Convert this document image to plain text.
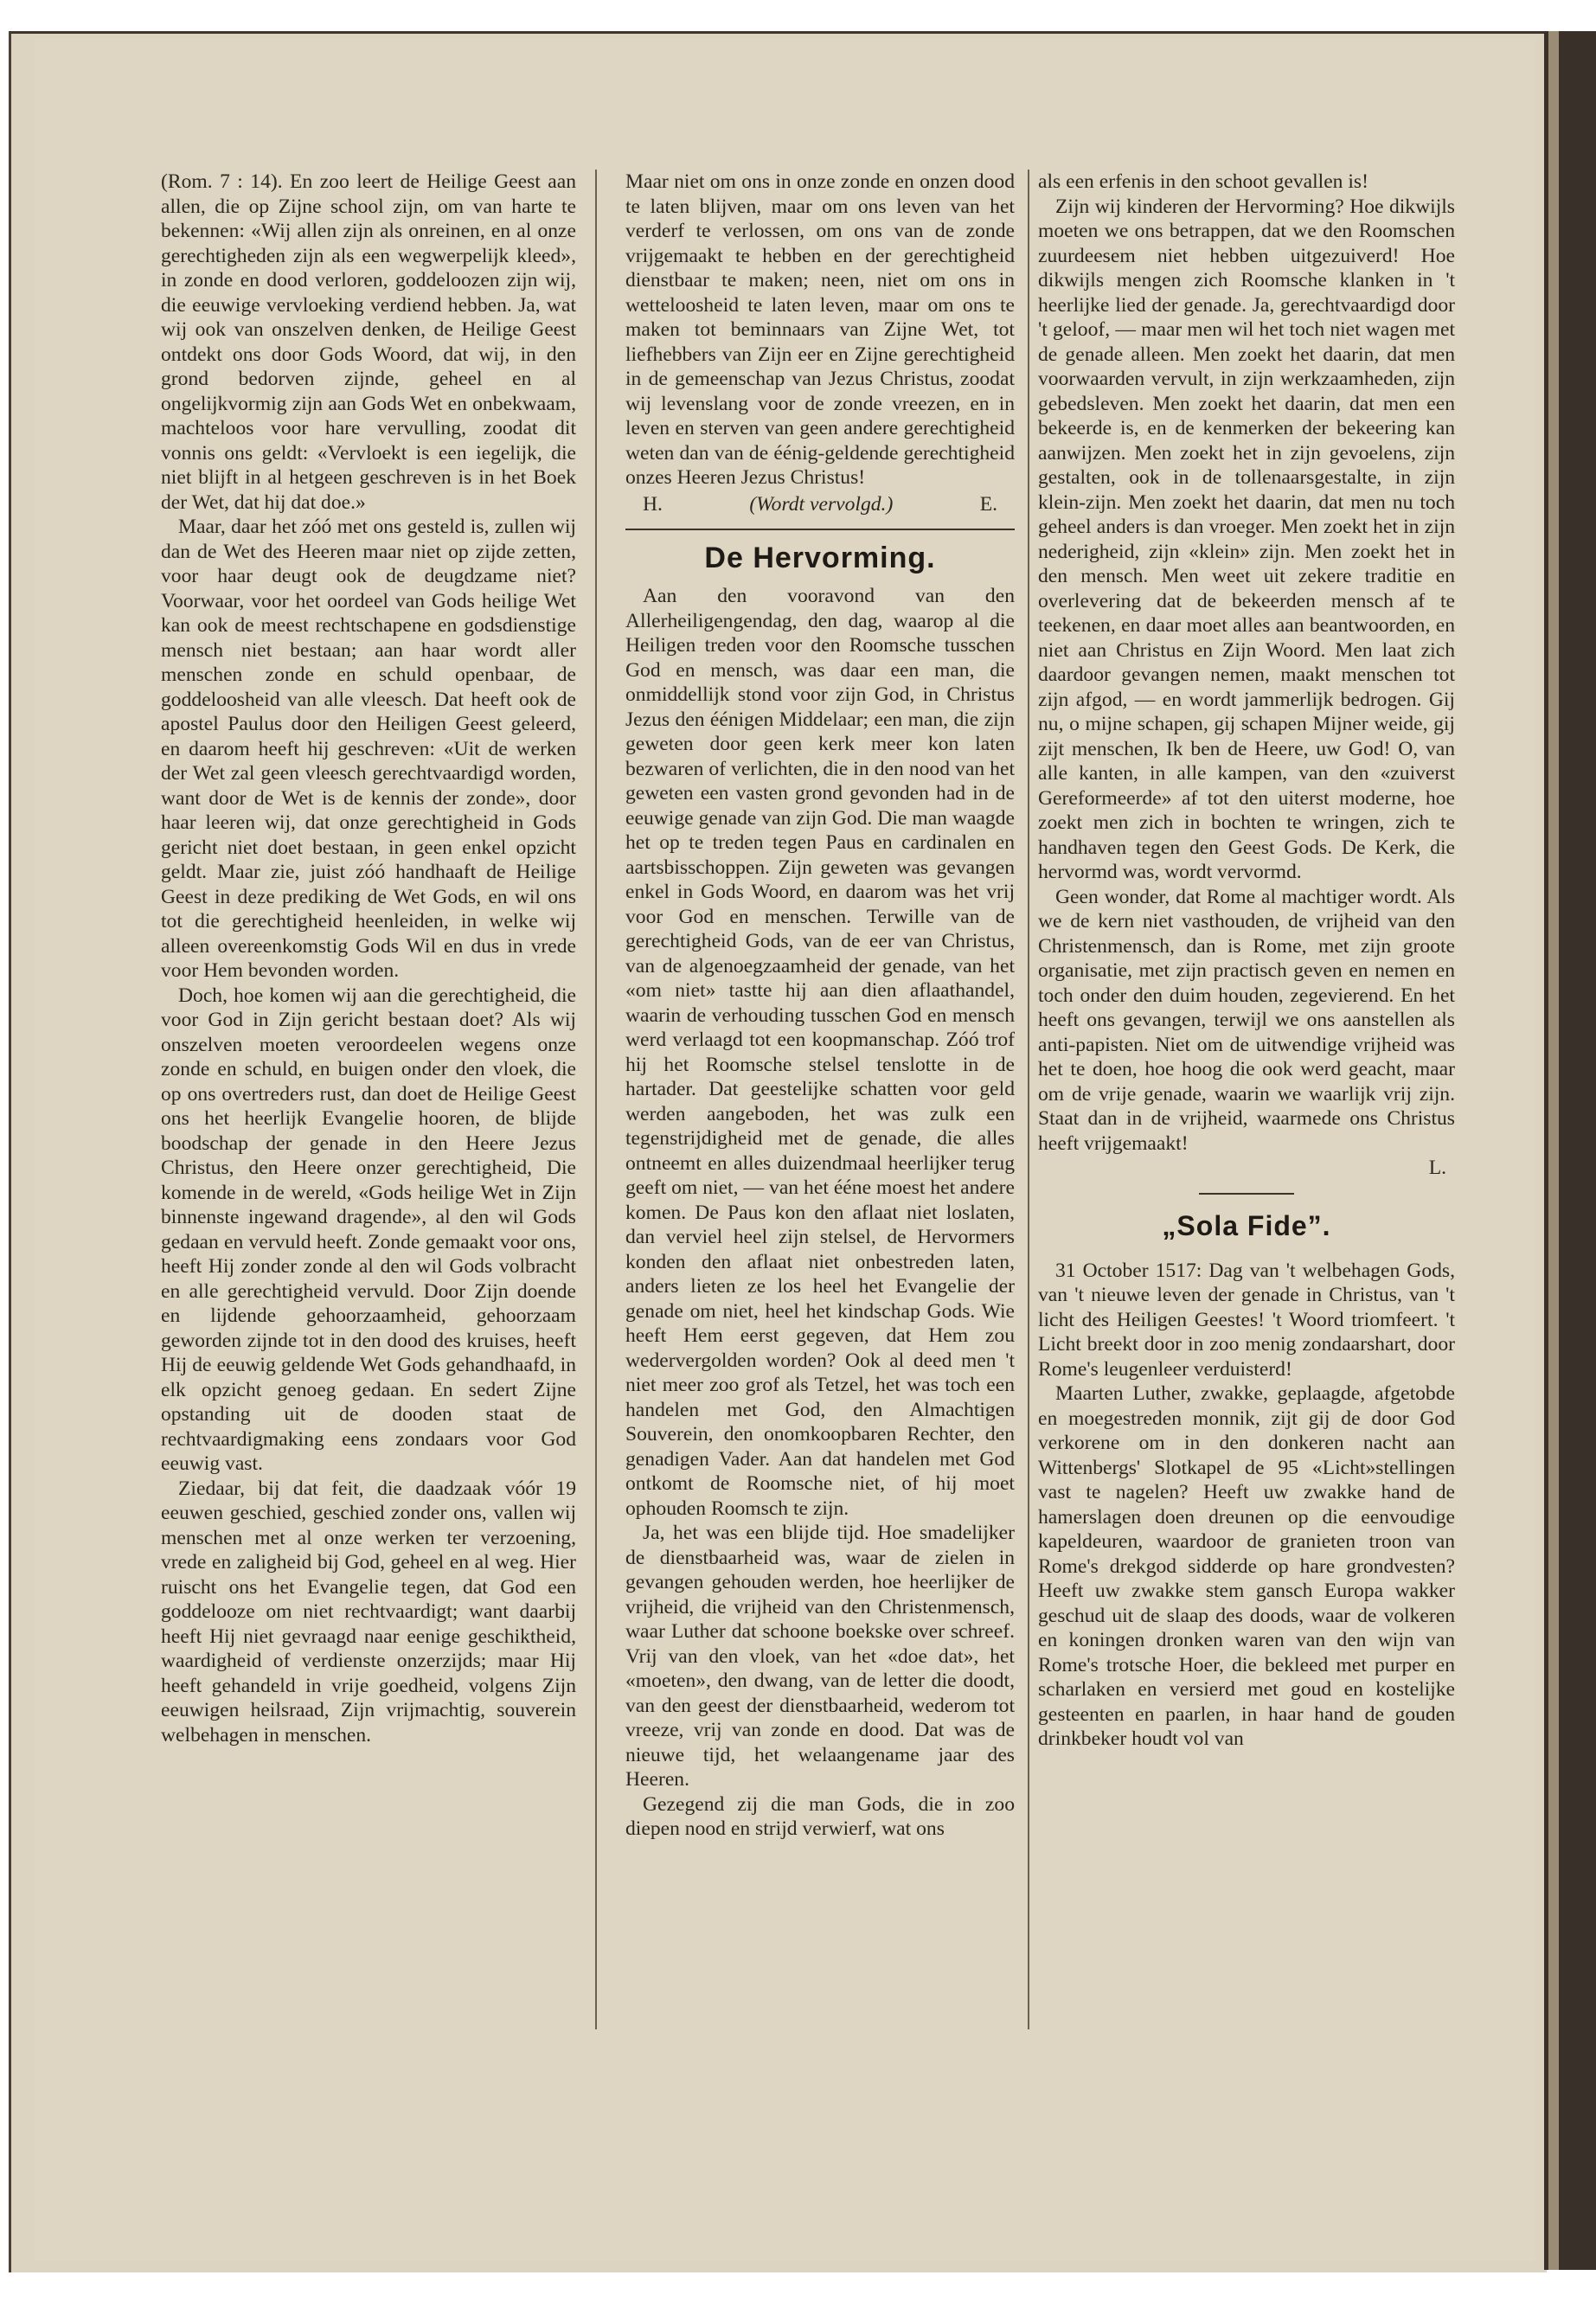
(Rom. 7 : 14). En zoo leert de Heilige Geest aan allen, die op Zijne school zijn, om van harte te bekennen: «Wij allen zijn als onreinen, en al onze gerechtigheden zijn als een wegwerpelijk kleed», in zonde en dood verloren, goddeloozen zijn wij, die eeuwige vervloeking verdiend hebben. Ja, wat wij ook van onszelven denken, de Heilige Geest ontdekt ons door Gods Woord, dat wij, in den grond bedorven zijnde, geheel en al ongelijkvormig zijn aan Gods Wet en onbekwaam, machteloos voor hare vervulling, zoodat dit vonnis ons geldt: «Vervloekt is een iegelijk, die niet blijft in al hetgeen geschreven is in het Boek der Wet, dat hij dat doe.»

Maar, daar het zóó met ons gesteld is, zullen wij dan de Wet des Heeren maar niet op zijde zetten, voor haar deugt ook de deugdzame niet? Voorwaar, voor het oordeel van Gods heilige Wet kan ook de meest rechtschapene en godsdienstige mensch niet bestaan; aan haar wordt aller menschen zonde en schuld openbaar, de goddeloosheid van alle vleesch. Dat heeft ook de apostel Paulus door den Heiligen Geest geleerd, en daarom heeft hij geschreven: «Uit de werken der Wet zal geen vleesch gerechtvaardigd worden, want door de Wet is de kennis der zonde», door haar leeren wij, dat onze gerechtigheid in Gods gericht niet doet bestaan, in geen enkel opzicht geldt. Maar zie, juist zóó handhaaft de Heilige Geest in deze prediking de Wet Gods, en wil ons tot die gerechtigheid heenleiden, in welke wij alleen overeenkomstig Gods Wil en dus in vrede voor Hem bevonden worden.

Doch, hoe komen wij aan die gerechtigheid, die voor God in Zijn gericht bestaan doet? Als wij onszelven moeten veroordeelen wegens onze zonde en schuld, en buigen onder den vloek, die op ons overtreders rust, dan doet de Heilige Geest ons het heerlijk Evangelie hooren, de blijde boodschap der genade in den Heere Jezus Christus, den Heere onzer gerechtigheid, Die komende in de wereld, «Gods heilige Wet in Zijn binnenste ingewand dragende», al den wil Gods gedaan en vervuld heeft. Zonde gemaakt voor ons, heeft Hij zonder zonde al den wil Gods volbracht en alle gerechtigheid vervuld. Door Zijn doende en lijdende gehoorzaamheid, gehoorzaam geworden zijnde tot in den dood des kruises, heeft Hij de eeuwig geldende Wet Gods gehandhaafd, in elk opzicht genoeg gedaan. En sedert Zijne opstanding uit de dooden staat de rechtvaardigmaking eens zondaars voor God eeuwig vast.

Ziedaar, bij dat feit, die daadzaak vóór 19 eeuwen geschied, geschied zonder ons, vallen wij menschen met al onze werken ter verzoening, vrede en zaligheid bij God, geheel en al weg. Hier ruischt ons het Evangelie tegen, dat God een goddelooze om niet rechtvaardigt; want daarbij heeft Hij niet gevraagd naar eenige geschiktheid, waardigheid of verdienste onzerzijds; maar Hij heeft gehandeld in vrije goedheid, volgens Zijn eeuwigen heilsraad, Zijn vrijmachtig, souverein welbehagen in menschen.

Maar niet om ons in onze zonde en onzen dood te laten blijven, maar om ons leven van het verderf te verlossen, om ons van de zonde vrijgemaakt te hebben en der gerechtigheid dienstbaar te maken; neen, niet om ons in wetteloosheid te laten leven, maar om ons te maken tot beminnaars van Zijne Wet, tot liefhebbers van Zijn eer en Zijne gerechtigheid in de gemeenschap van Jezus Christus, zoodat wij levenslang voor de zonde vreezen, en in leven en sterven van geen andere gerechtigheid weten dan van de éénig-geldende gerechtigheid onzes Heeren Jezus Christus!

H.	(Wordt vervolgd.)	E.
De Hervorming.

Aan den vooravond van den Allerheiligengendag, den dag, waarop al die Heiligen treden voor den Roomsche tusschen God en mensch, was daar een man, die onmiddellijk stond voor zijn God, in Christus Jezus den éénigen Middelaar; een man, die zijn geweten door geen kerk meer kon laten bezwaren of verlichten, die in den nood van het geweten een vasten grond gevonden had in de eeuwige genade van zijn God. Die man waagde het op te treden tegen Paus en cardinalen en aartsbisschoppen. Zijn geweten was gevangen enkel in Gods Woord, en daarom was het vrij voor God en menschen. Terwille van de gerechtigheid Gods, van de eer van Christus, van de algenoegzaamheid der genade, van het «om niet» tastte hij aan dien aflaathandel, waarin de verhouding tusschen God en mensch werd verlaagd tot een koopmanschap. Zóó trof hij het Roomsche stelsel tenslotte in de hartader. Dat geestelijke schatten voor geld werden aangeboden, het was zulk een tegenstrijdigheid met de genade, die alles ontneemt en alles duizendmaal heerlijker terug geeft om niet, — van het ééne moest het andere komen. De Paus kon den aflaat niet loslaten, dan verviel heel zijn stelsel, de Hervormers konden den aflaat niet onbestreden laten, anders lieten ze los heel het Evangelie der genade om niet, heel het kindschap Gods. Wie heeft Hem eerst gegeven, dat Hem zou wedervergolden worden? Ook al deed men 't niet meer zoo grof als Tetzel, het was toch een handelen met God, den Almachtigen Souverein, den onomkoopbaren Rechter, den genadigen Vader. Aan dat handelen met God ontkomt de Roomsche niet, of hij moet ophouden Roomsch te zijn.

Ja, het was een blijde tijd. Hoe smadelijker de dienstbaarheid was, waar de zielen in gevangen gehouden werden, hoe heerlijker de vrijheid, die vrijheid van den Christenmensch, waar Luther dat schoone boekske over schreef. Vrij van den vloek, van het «doe dat», het «moeten», den dwang, van de letter die doodt, van den geest der dienstbaarheid, wederom tot vreeze, vrij van zonde en dood. Dat was de nieuwe tijd, het welaangename jaar des Heeren.

Gezegend zij die man Gods, die in zoo diepen nood en strijd verwierf, wat ons

als een erfenis in den schoot gevallen is!

Zijn wij kinderen der Hervorming? Hoe dikwijls moeten we ons betrappen, dat we den Roomschen zuurdeesem niet hebben uitgezuiverd! Hoe dikwijls mengen zich Roomsche klanken in 't heerlijke lied der genade. Ja, gerechtvaardigd door 't geloof, — maar men wil het toch niet wagen met de genade alleen. Men zoekt het daarin, dat men voorwaarden vervult, in zijn werkzaamheden, zijn gebedsleven. Men zoekt het daarin, dat men een bekeerde is, en de kenmerken der bekeering kan aanwijzen. Men zoekt het in zijn gevoelens, zijn gestalten, ook in de tollenaarsgestalte, in zijn klein-zijn. Men zoekt het daarin, dat men nu toch geheel anders is dan vroeger. Men zoekt het in zijn nederigheid, zijn «klein» zijn. Men zoekt het in den mensch. Men weet uit zekere traditie en overlevering dat de bekeerden mensch af te teekenen, en daar moet alles aan beantwoorden, en niet aan Christus en Zijn Woord. Men laat zich daardoor gevangen nemen, maakt menschen tot zijn afgod, — en wordt jammerlijk bedrogen. Gij nu, o mijne schapen, gij schapen Mijner weide, gij zijt menschen, Ik ben de Heere, uw God! O, van alle kanten, in alle kampen, van den «zuiverst Gereformeerde» af tot den uiterst moderne, hoe zoekt men zich in bochten te wringen, zich te handhaven tegen den Geest Gods. De Kerk, die hervormd was, wordt vervormd.

Geen wonder, dat Rome al machtiger wordt. Als we de kern niet vasthouden, de vrijheid van den Christenmensch, dan is Rome, met zijn groote organisatie, met zijn practisch geven en nemen en toch onder den duim houden, zegevierend. En het heeft ons gevangen, terwijl we ons aanstellen als anti-papisten. Niet om de uitwendige vrijheid was het te doen, hoe hoog die ook werd geacht, maar om de vrije genade, waarin we waarlijk vrij zijn. Staat dan in de vrijheid, waarmede ons Christus heeft vrijgemaakt!

L.
„Sola Fide”.

31 October 1517: Dag van 't welbehagen Gods, van 't nieuwe leven der genade in Christus, van 't licht des Heiligen Geestes! 't Woord triomfeert. 't Licht breekt door in zoo menig zondaarshart, door Rome's leugenleer verduisterd!

Maarten Luther, zwakke, geplaagde, afgetobde en moegestreden monnik, zijt gij de door God verkorene om in den donkeren nacht aan Wittenbergs' Slotkapel de 95 «Licht»stellingen vast te nagelen? Heeft uw zwakke hand de hamerslagen doen dreunen op die eenvoudige kapeldeuren, waardoor de granieten troon van Rome's drekgod sidderde op hare grondvesten? Heeft uw zwakke stem gansch Europa wakker geschud uit de slaap des doods, waar de volkeren en koningen dronken waren van den wijn van Rome's trotsche Hoer, die bekleed met purper en scharlaken en versierd met goud en kostelijke gesteenten en paarlen, in haar hand de gouden drinkbeker houdt vol van
